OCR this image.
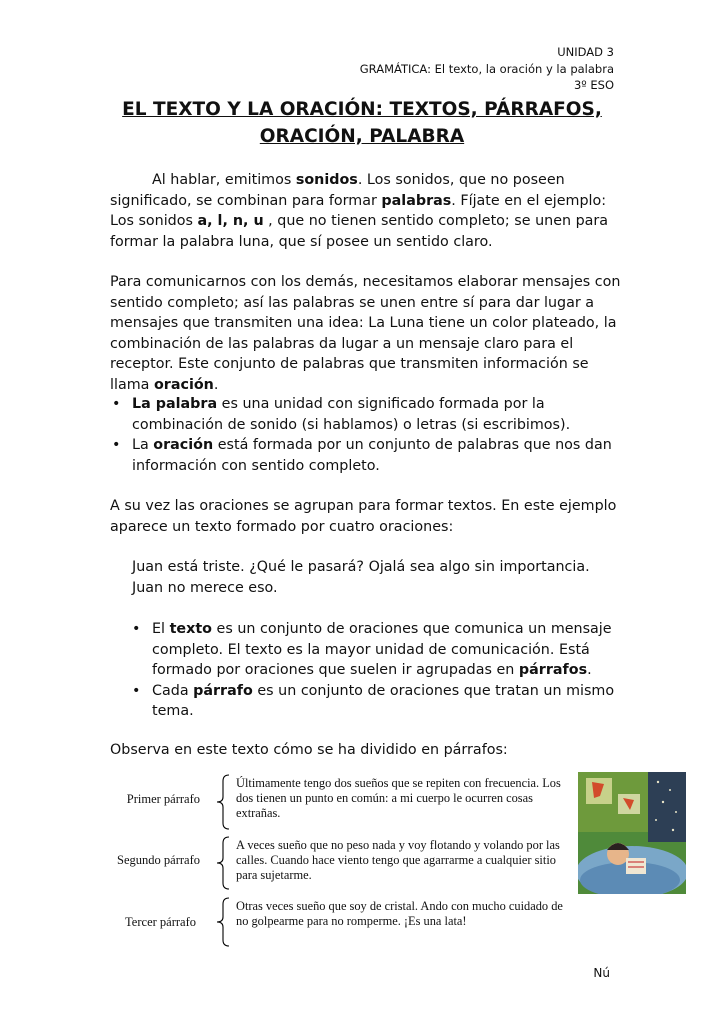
UNIDAD 3
GRAMÁTICA: El texto, la oración y la palabra
3º ESO
EL TEXTO Y LA ORACIÓN: TEXTOS, PÁRRAFOS,
ORACIÓN, PALABRA

Al hablar, emitimos sonidos. Los sonidos, que no poseen significado, se combinan para formar palabras. Fíjate en el ejemplo:

Los sonidos a, l, n, u , que no tienen sentido completo; se unen para formar la palabra luna, que sí posee un sentido claro.

Para comunicarnos con los demás, necesitamos elaborar mensajes con sentido completo; así las palabras se unen entre sí para dar lugar a mensajes que transmiten una idea: La Luna tiene un color plateado, la combinación de las palabras da lugar a un mensaje claro para el receptor. Este conjunto de palabras que transmiten información se llama oración.

• La palabra es una unidad con significado formada por la combinación de sonido (si hablamos) o letras (si escribimos).
• La oración está formada por un conjunto de palabras que nos dan información con sentido completo.

A su vez las oraciones se agrupan para formar textos. En este ejemplo aparece un texto formado por cuatro oraciones:

Juan está triste. ¿Qué le pasará? Ojalá sea algo sin importancia. Juan no merece eso.

• El texto es un conjunto de oraciones que comunica un mensaje completo. El texto es la mayor unidad de comunicación. Está formado por oraciones que suelen ir agrupadas en párrafos.
• Cada párrafo es un conjunto de oraciones que tratan un mismo tema.

Observa en este texto cómo se ha dividido en párrafos:

Primer párrafo
Últimamente tengo dos sueños que se repiten con frecuencia. Los dos tienen un punto en común: a mi cuerpo le ocurren cosas extrañas.
Segundo párrafo
A veces sueño que no peso nada y voy flotando y volando por las calles. Cuando hace viento tengo que agarrarme a cualquier sitio para sujetarme.
Tercer párrafo
Otras veces sueño que soy de cristal. Ando con mucho cuidado de no golpearme para no romperme. ¡Es una lata!
Nú
